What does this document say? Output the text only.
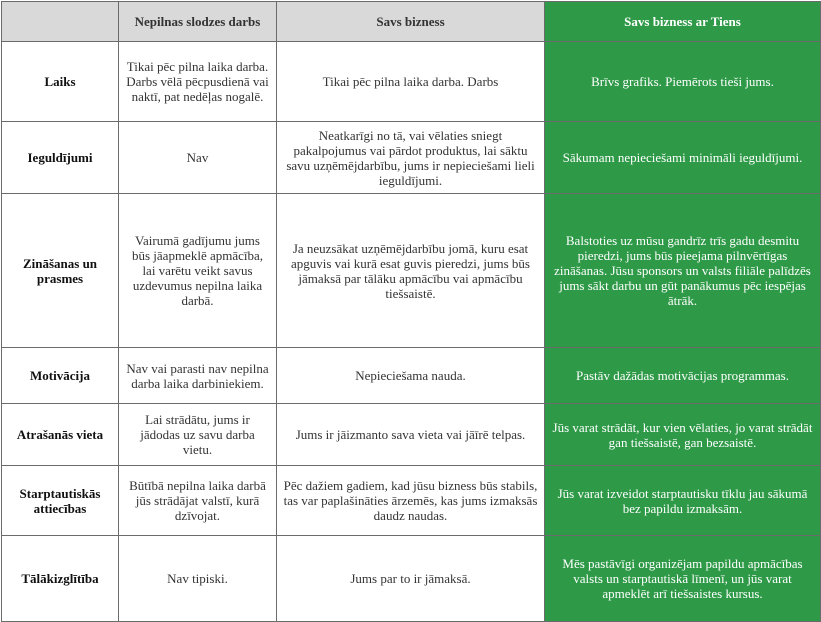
	Nepilnas slodzes darbs	Savs bizness	Savs bizness ar Tiens
Laiks	Tikai pēc pilna laika darba. Darbs vēlā pēcpusdienā vai naktī, pat nedēļas nogalē.	Tikai pēc pilna laika darba. Darbs	Brīvs grafiks. Piemērots tieši jums.
Ieguldījumi	Nav	Neatkarīgi no tā, vai vēlaties sniegt pakalpojumus vai pārdot produktus, lai sāktu savu uzņēmējdarbību, jums ir nepieciešami lieli ieguldījumi.	Sākumam nepieciešami minimāli ieguldījumi.
Zināšanas un prasmes	Vairumā gadījumu jums būs jāapmeklē apmācība, lai varētu veikt savus uzdevumus nepilna laika darbā.	Ja neuzsākat uzņēmējdarbību jomā, kuru esat apguvis vai kurā esat guvis pieredzi, jums būs jāmaksā par tālāku apmācību vai apmācību tiešsaistē.	Balstoties uz mūsu gandrīz trīs gadu desmitu pieredzi, jums būs pieejama pilnvērtīgas zināšanas. Jūsu sponsors un valsts filiāle palīdzēs jums sākt darbu un gūt panākumus pēc iespējas ātrāk.
Motivācija	Nav vai parasti nav nepilna darba laika darbiniekiem.	Nepieciešama nauda.	Pastāv dažādas motivācijas programmas.
Atrašanās vieta	Lai strādātu, jums ir jādodas uz savu darba vietu.	Jums ir jāizmanto sava vieta vai jāīrē telpas.	Jūs varat strādāt, kur vien vēlaties, jo varat strādāt gan tiešsaistē, gan bezsaistē.
Starptautiskās attiecības	Būtībā nepilna laika darbā jūs strādājat valstī, kurā dzīvojat.	Pēc dažiem gadiem, kad jūsu bizness būs stabils, tas var paplašināties ārzemēs, kas jums izmaksās daudz naudas.	Jūs varat izveidot starptautisku tīklu jau sākumā bez papildu izmaksām.
Tālākizglītība	Nav tipiski.	Jums par to ir jāmaksā.	Mēs pastāvīgi organizējam papildu apmācības valsts un starptautiskā līmenī, un jūs varat apmeklēt arī tiešsaistes kursus.
